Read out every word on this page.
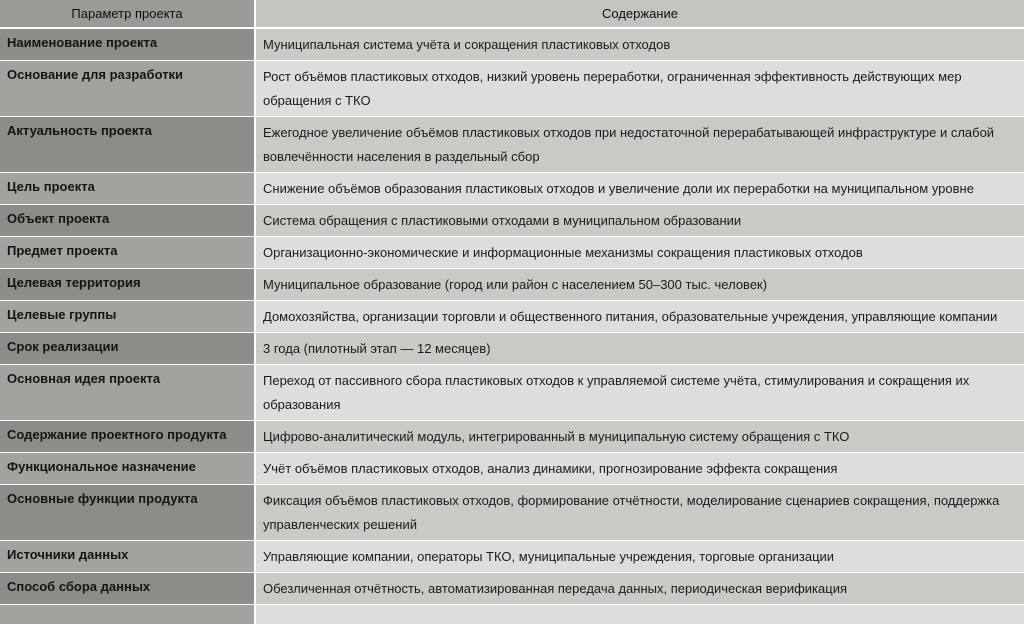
Параметр проекта	Содержание
Наименование проекта	Муниципальная система учёта и сокращения пластиковых отходов
Основание для разработки	Рост объёмов пластиковых отходов, низкий уровень переработки, ограниченная эффективность действующих мер обращения с ТКО
Актуальность проекта	Ежегодное увеличение объёмов пластиковых отходов при недостаточной перерабатывающей инфраструктуре и слабой вовлечённости населения в раздельный сбор
Цель проекта	Снижение объёмов образования пластиковых отходов и увеличение доли их переработки на муниципальном уровне
Объект проекта	Система обращения с пластиковыми отходами в муниципальном образовании
Предмет проекта	Организационно-экономические и информационные механизмы сокращения пластиковых отходов
Целевая территория	Муниципальное образование (город или район с населением 50–300 тыс. человек)
Целевые группы	Домохозяйства, организации торговли и общественного питания, образовательные учреждения, управляющие компании
Срок реализации	3 года (пилотный этап — 12 месяцев)
Основная идея проекта	Переход от пассивного сбора пластиковых отходов к управляемой системе учёта, стимулирования и сокращения их образования
Содержание проектного продукта	Цифрово-аналитический модуль, интегрированный в муниципальную систему обращения с ТКО
Функциональное назначение	Учёт объёмов пластиковых отходов, анализ динамики, прогнозирование эффекта сокращения
Основные функции продукта	Фиксация объёмов пластиковых отходов, формирование отчётности, моделирование сценариев сокращения, поддержка управленческих решений
Источники данных	Управляющие компании, операторы ТКО, муниципальные учреждения, торговые организации
Способ сбора данных	Обезличенная отчётность, автоматизированная передача данных, периодическая верификация
